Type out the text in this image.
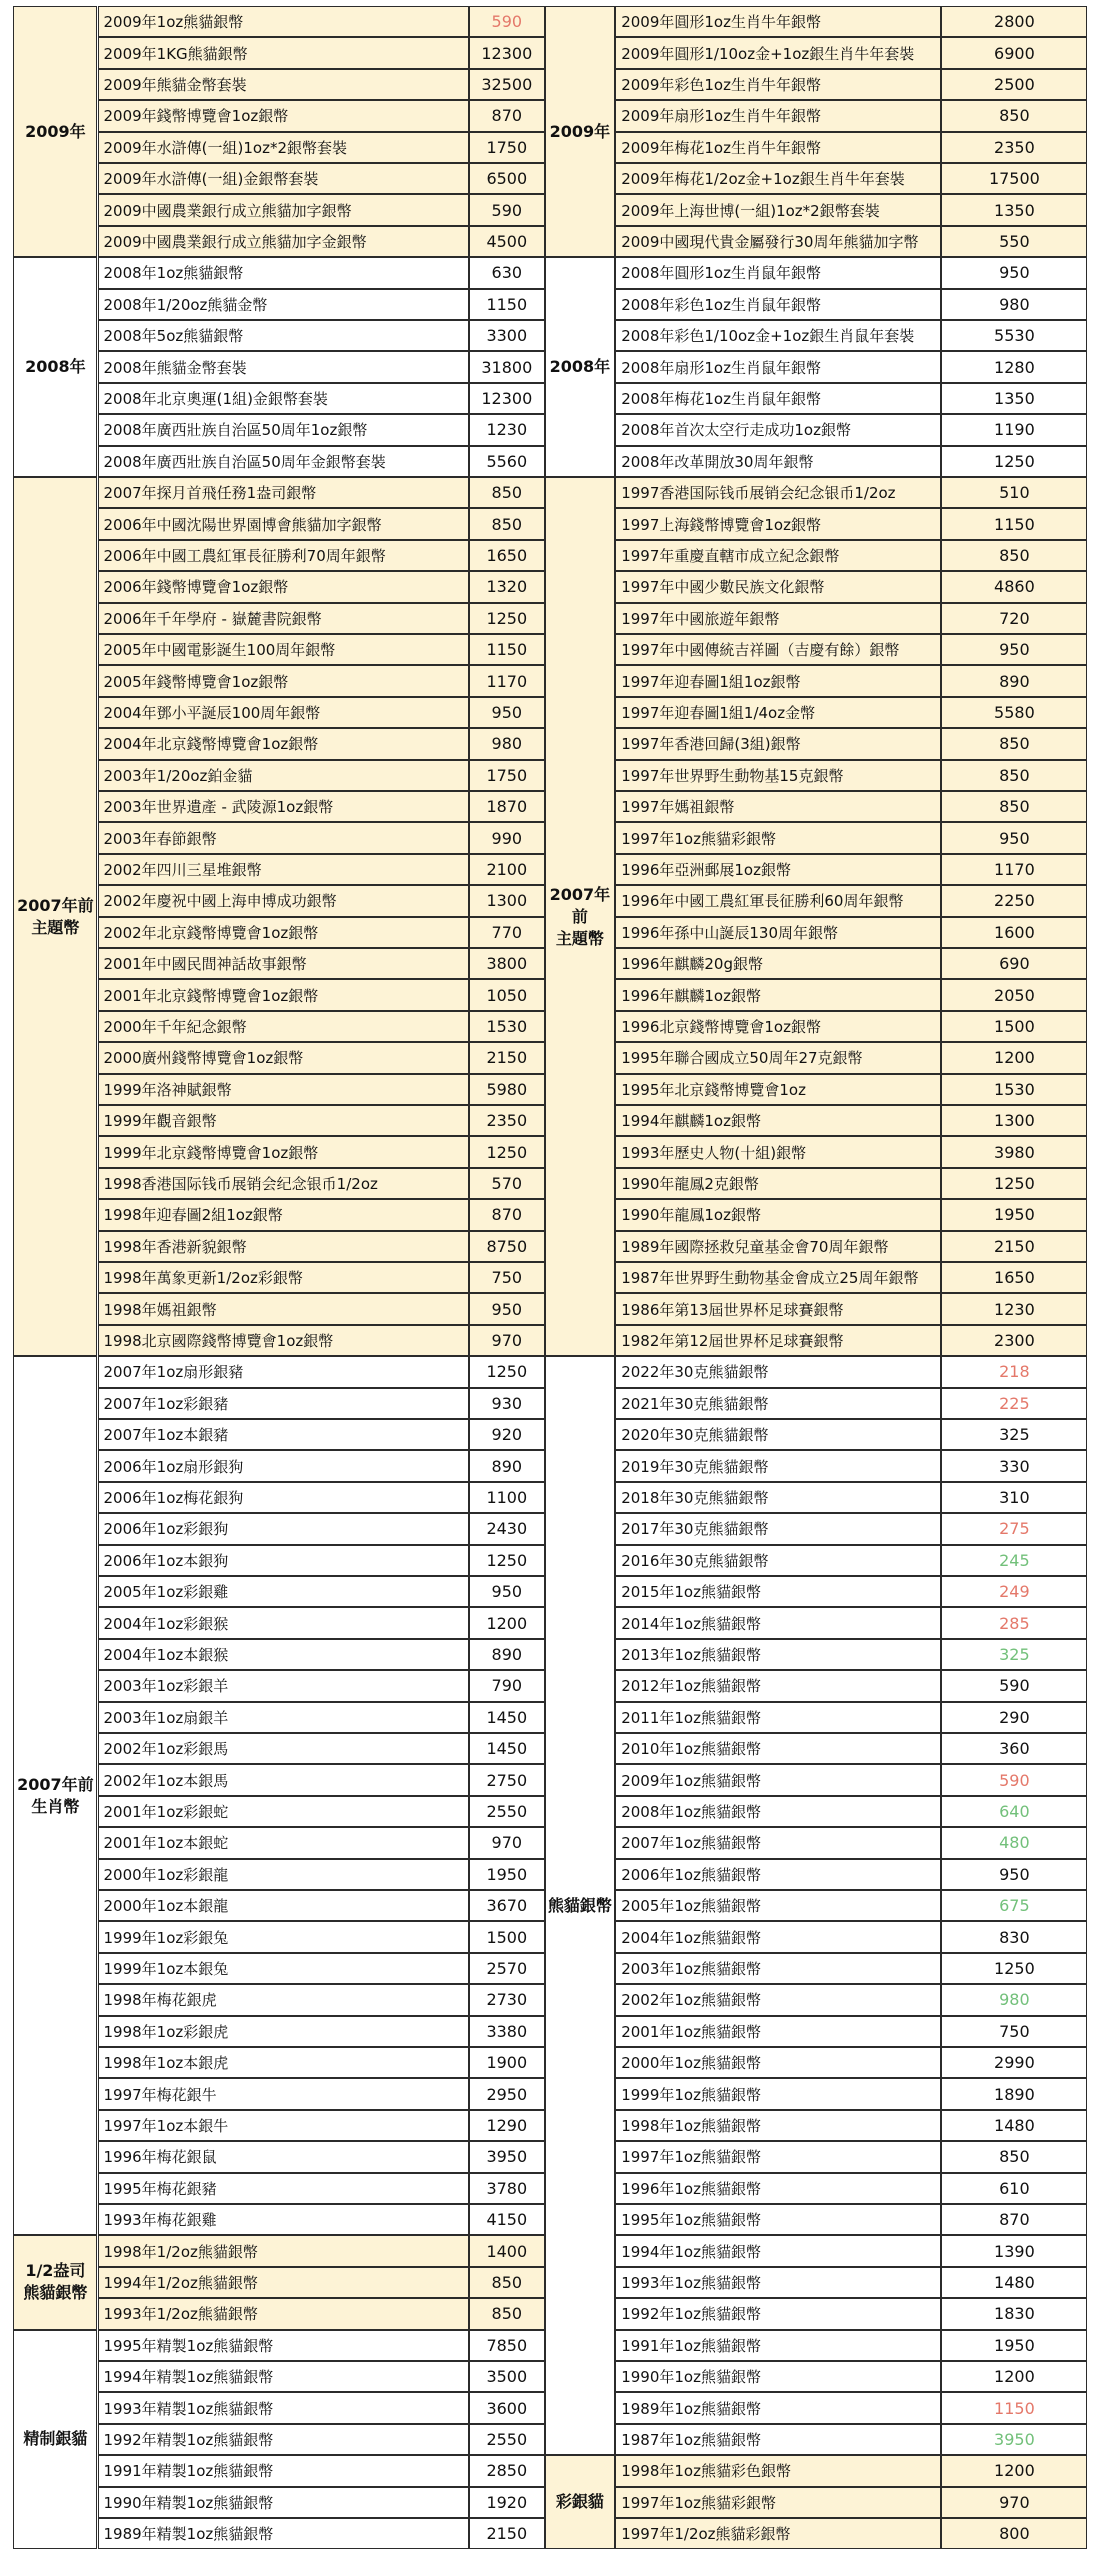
2009年
2009年1oz熊貓銀幣	590
2009年1KG熊貓銀幣	12300
2009年熊貓金幣套裝	32500
2009年錢幣博覽會1oz銀幣	870
2009年水滸傳(一組)1oz*2銀幣套裝	1750
2009年水滸傳(一組)金銀幣套裝	6500
2009中國農業銀行成立熊貓加字銀幣	590
2009中國農業銀行成立熊貓加字金銀幣	4500
2008年
2008年1oz熊貓銀幣	630
2008年1/20oz熊貓金幣	1150
2008年5oz熊貓銀幣	3300
2008年熊貓金幣套裝	31800
2008年北京奧運(1組)金銀幣套裝	12300
2008年廣西壯族自治區50周年1oz銀幣	1230
2008年廣西壯族自治區50周年金銀幣套裝	5560
2007年前
主題幣
2007年探月首飛任務1盎司銀幣	850
2006年中國沈陽世界園博會熊貓加字銀幣	850
2006年中國工農紅軍長征勝利70周年銀幣	1650
2006年錢幣博覽會1oz銀幣	1320
2006年千年學府 - 嶽麓書院銀幣	1250
2005年中國電影誕生100周年銀幣	1150
2005年錢幣博覽會1oz銀幣	1170
2004年鄧小平誕辰100周年銀幣	950
2004年北京錢幣博覽會1oz銀幣	980
2003年1/20oz鉑金貓	1750
2003年世界遺產 - 武陵源1oz銀幣	1870
2003年春節銀幣	990
2002年四川三星堆銀幣	2100
2002年慶祝中國上海申博成功銀幣	1300
2002年北京錢幣博覽會1oz銀幣	770
2001年中國民間神話故事銀幣	3800
2001年北京錢幣博覽會1oz銀幣	1050
2000年千年紀念銀幣	1530
2000廣州錢幣博覽會1oz銀幣	2150
1999年洛神賦銀幣	5980
1999年觀音銀幣	2350
1999年北京錢幣博覽會1oz銀幣	1250
1998香港国际钱币展销会纪念银币1/2oz	570
1998年迎春圖2組1oz銀幣	870
1998年香港新貌銀幣	8750
1998年萬象更新1/2oz彩銀幣	750
1998年媽祖銀幣	950
1998北京國際錢幣博覽會1oz銀幣	970
2007年前
生肖幣
2007年1oz扇形銀豬	1250
2007年1oz彩銀豬	930
2007年1oz本銀豬	920
2006年1oz扇形銀狗	890
2006年1oz梅花銀狗	1100
2006年1oz彩銀狗	2430
2006年1oz本銀狗	1250
2005年1oz彩銀雞	950
2004年1oz彩銀猴	1200
2004年1oz本銀猴	890
2003年1oz彩銀羊	790
2003年1oz扇銀羊	1450
2002年1oz彩銀馬	1450
2002年1oz本銀馬	2750
2001年1oz彩銀蛇	2550
2001年1oz本銀蛇	970
2000年1oz彩銀龍	1950
2000年1oz本銀龍	3670
1999年1oz彩銀兔	1500
1999年1oz本銀兔	2570
1998年梅花銀虎	2730
1998年1oz彩銀虎	3380
1998年1oz本銀虎	1900
1997年梅花銀牛	2950
1997年1oz本銀牛	1290
1996年梅花銀鼠	3950
1995年梅花銀豬	3780
1993年梅花銀雞	4150
1/2盎司
熊貓銀幣
1998年1/2oz熊貓銀幣	1400
1994年1/2oz熊貓銀幣	850
1993年1/2oz熊貓銀幣	850
精制銀貓
1995年精製1oz熊貓銀幣	7850
1994年精製1oz熊貓銀幣	3500
1993年精製1oz熊貓銀幣	3600
1992年精製1oz熊貓銀幣	2550
1991年精製1oz熊貓銀幣	2850
1990年精製1oz熊貓銀幣	1920
1989年精製1oz熊貓銀幣	2150
2009年
2009年圓形1oz生肖牛年銀幣	2800
2009年圓形1/10oz金+1oz銀生肖牛年套裝	6900
2009年彩色1oz生肖牛年銀幣	2500
2009年扇形1oz生肖牛年銀幣	850
2009年梅花1oz生肖牛年銀幣	2350
2009年梅花1/2oz金+1oz銀生肖牛年套裝	17500
2009年上海世博(一組)1oz*2銀幣套裝	1350
2009中國現代貴金屬發行30周年熊貓加字幣	550
2008年
2008年圓形1oz生肖鼠年銀幣	950
2008年彩色1oz生肖鼠年銀幣	980
2008年彩色1/10oz金+1oz銀生肖鼠年套裝	5530
2008年扇形1oz生肖鼠年銀幣	1280
2008年梅花1oz生肖鼠年銀幣	1350
2008年首次太空行走成功1oz銀幣	1190
2008年改革開放30周年銀幣	1250
2007年前
主題幣
1997香港国际钱币展销会纪念银币1/2oz	510
1997上海錢幣博覽會1oz銀幣	1150
1997年重慶直轄市成立紀念銀幣	850
1997年中國少數民族文化銀幣	4860
1997年中國旅遊年銀幣	720
1997年中國傳統吉祥圖（吉慶有餘）銀幣	950
1997年迎春圖1組1oz銀幣	890
1997年迎春圖1組1/4oz金幣	5580
1997年香港回歸(3組)銀幣	850
1997年世界野生動物基15克銀幣	850
1997年媽祖銀幣	850
1997年1oz熊貓彩銀幣	950
1996年亞洲郵展1oz銀幣	1170
1996年中國工農紅軍長征勝利60周年銀幣	2250
1996年孫中山誕辰130周年銀幣	1600
1996年麒麟20g銀幣	690
1996年麒麟1oz銀幣	2050
1996北京錢幣博覽會1oz銀幣	1500
1995年聯合國成立50周年27克銀幣	1200
1995年北京錢幣博覽會1oz	1530
1994年麒麟1oz銀幣	1300
1993年歷史人物(十組)銀幣	3980
1990年龍鳳2克銀幣	1250
1990年龍鳳1oz銀幣	1950
1989年國際拯救兒童基金會70周年銀幣	2150
1987年世界野生動物基金會成立25周年銀幣	1650
1986年第13屆世界杯足球賽銀幣	1230
1982年第12屆世界杯足球賽銀幣	2300
熊貓銀幣
2022年30克熊貓銀幣	218
2021年30克熊貓銀幣	225
2020年30克熊貓銀幣	325
2019年30克熊貓銀幣	330
2018年30克熊貓銀幣	310
2017年30克熊貓銀幣	275
2016年30克熊貓銀幣	245
2015年1oz熊貓銀幣	249
2014年1oz熊貓銀幣	285
2013年1oz熊貓銀幣	325
2012年1oz熊貓銀幣	590
2011年1oz熊貓銀幣	290
2010年1oz熊貓銀幣	360
2009年1oz熊貓銀幣	590
2008年1oz熊貓銀幣	640
2007年1oz熊貓銀幣	480
2006年1oz熊貓銀幣	950
2005年1oz熊貓銀幣	675
2004年1oz熊貓銀幣	830
2003年1oz熊貓銀幣	1250
2002年1oz熊貓銀幣	980
2001年1oz熊貓銀幣	750
2000年1oz熊貓銀幣	2990
1999年1oz熊貓銀幣	1890
1998年1oz熊貓銀幣	1480
1997年1oz熊貓銀幣	850
1996年1oz熊貓銀幣	610
1995年1oz熊貓銀幣	870
1994年1oz熊貓銀幣	1390
1993年1oz熊貓銀幣	1480
1992年1oz熊貓銀幣	1830
1991年1oz熊貓銀幣	1950
1990年1oz熊貓銀幣	1200
1989年1oz熊貓銀幣	1150
1987年1oz熊貓銀幣	3950
彩銀貓
1998年1oz熊貓彩色銀幣	1200
1997年1oz熊貓彩銀幣	970
1997年1/2oz熊貓彩銀幣	800
